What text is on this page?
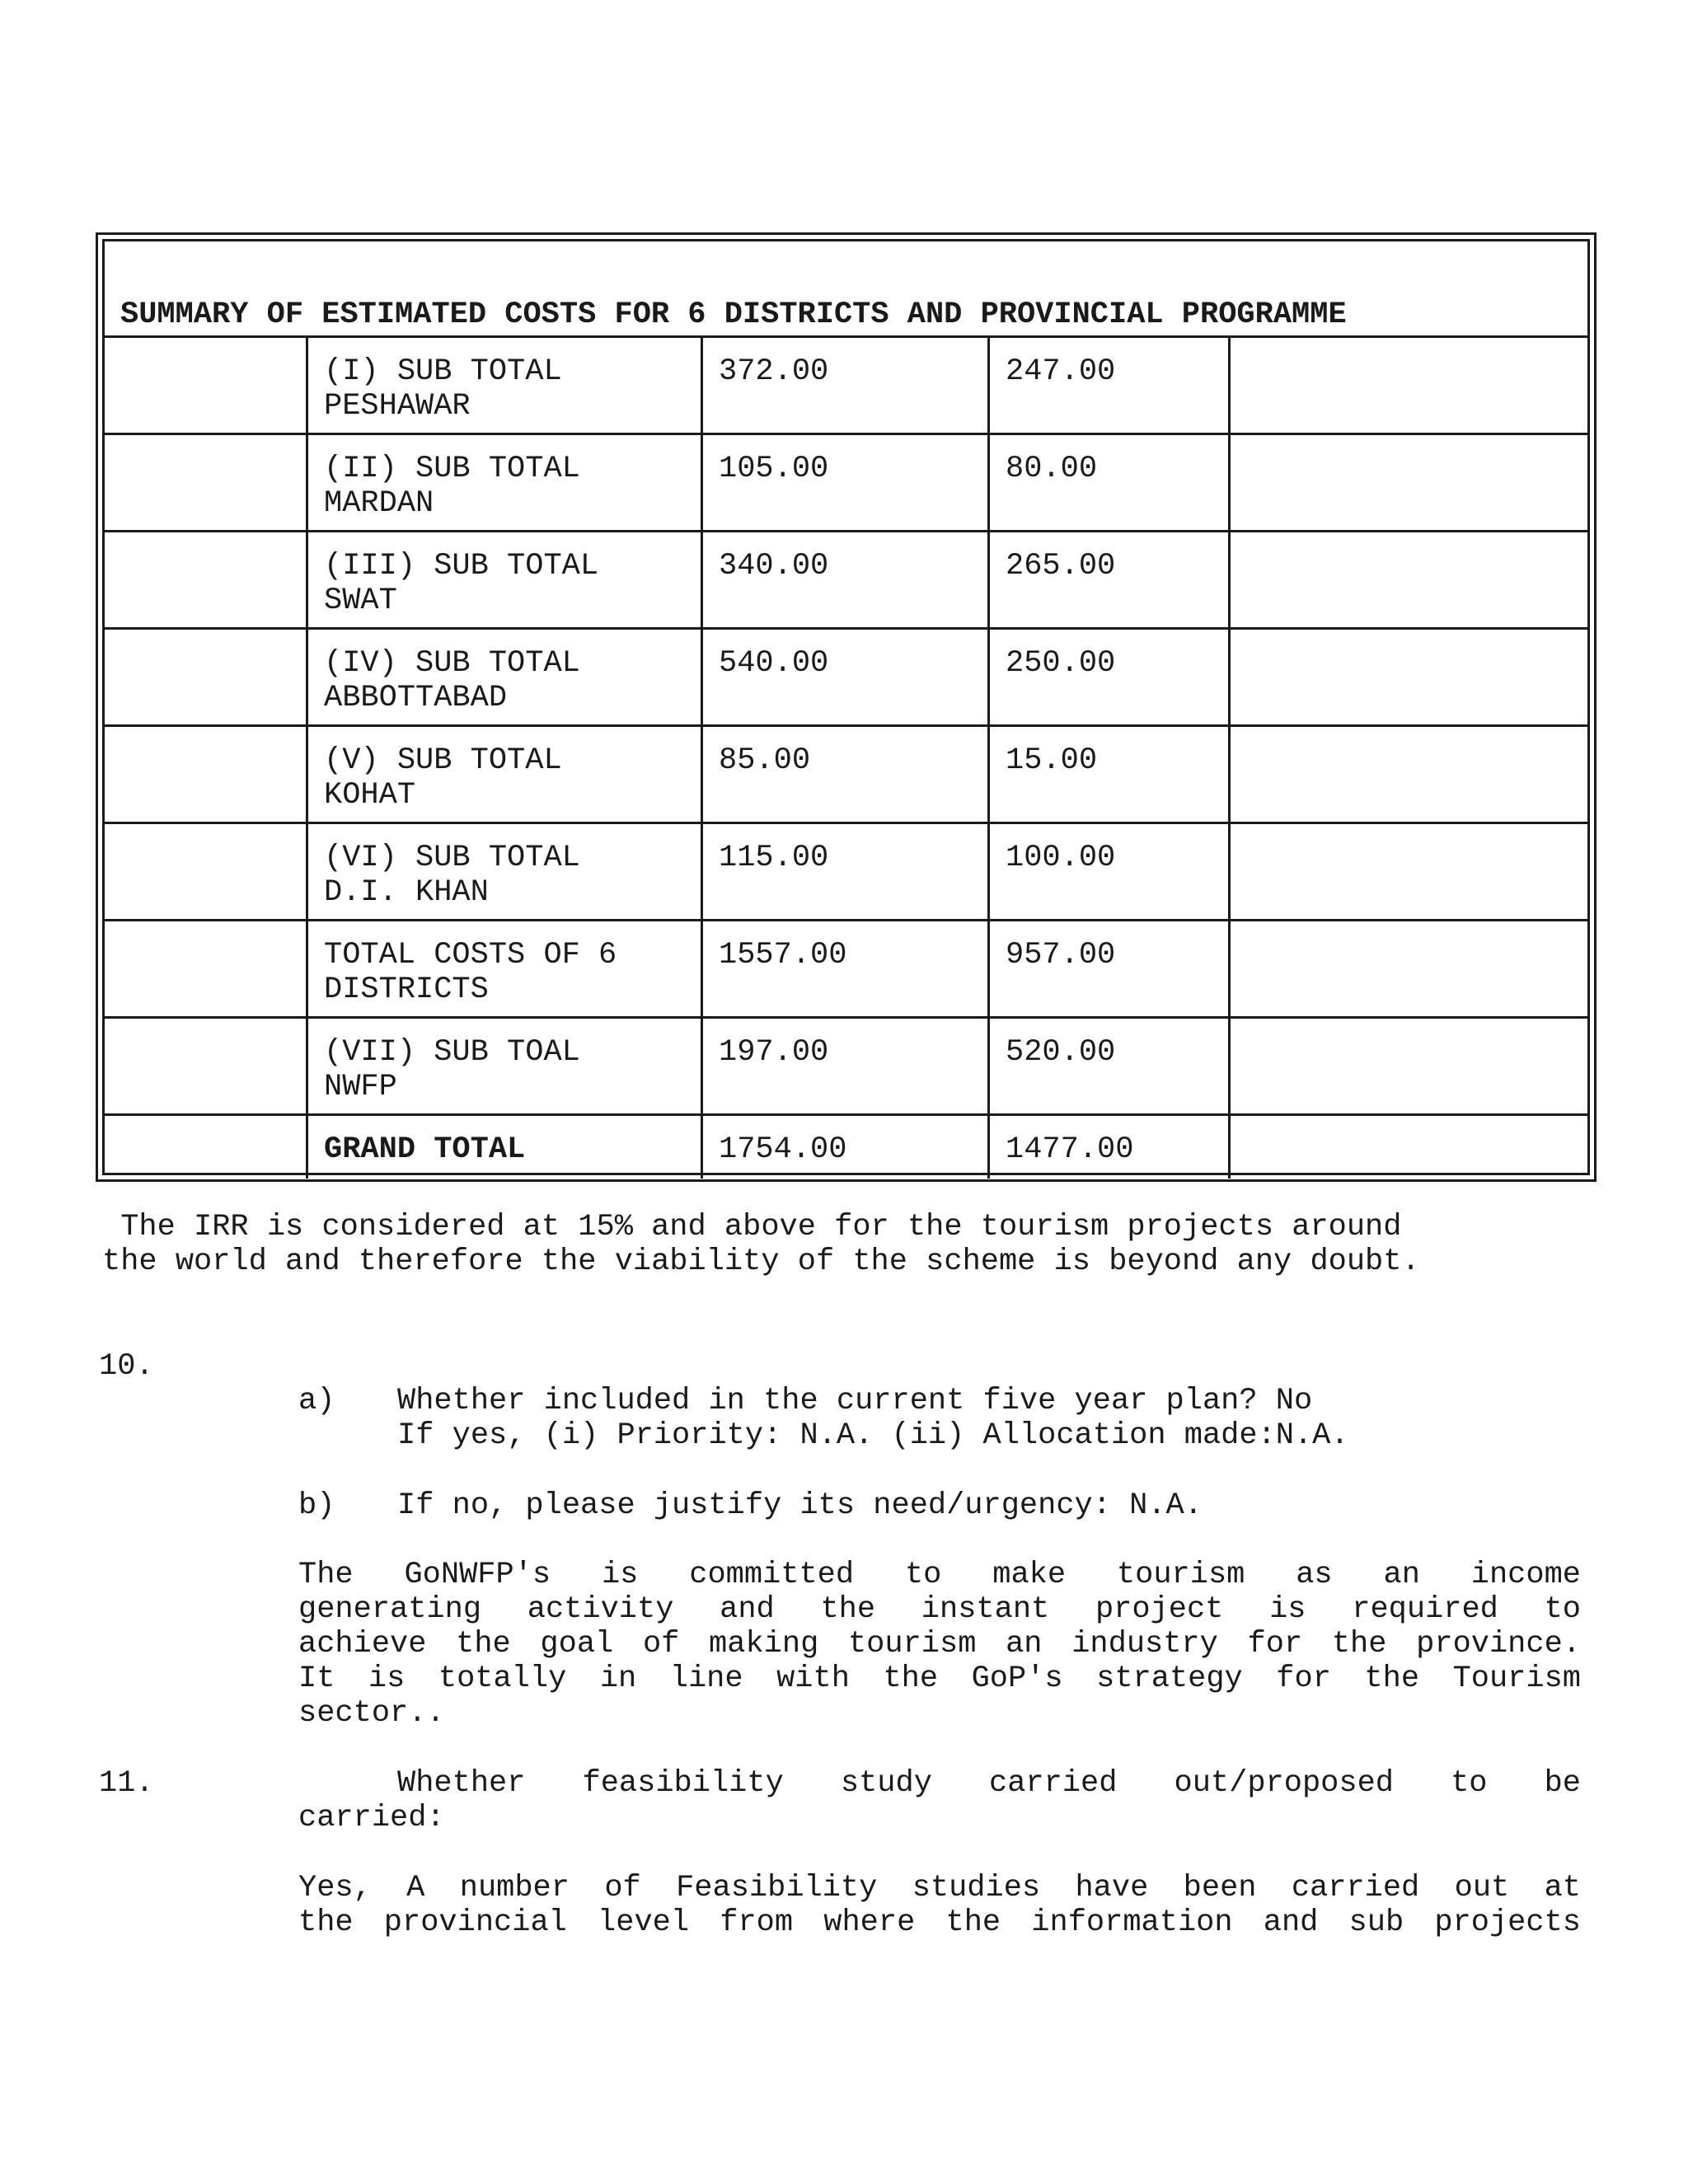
SUMMARY OF ESTIMATED COSTS FOR 6 DISTRICTS AND PROVINCIAL PROGRAMME
(I) SUB TOTAL
PESHAWAR
372.00	247.00
(II) SUB TOTAL
MARDAN
105.00	80.00
(III) SUB TOTAL
SWAT
340.00	265.00
(IV) SUB TOTAL
ABBOTTABAD
540.00	250.00
(V) SUB TOTAL
KOHAT
85.00	15.00
(VI) SUB TOTAL
D.I. KHAN
115.00	100.00
TOTAL COSTS OF 6
DISTRICTS
1557.00	957.00
(VII) SUB TOAL
NWFP
197.00	520.00
GRAND TOTAL	1754.00	1477.00
The IRR is considered at 15% and above for the tourism projects around
the world and therefore the viability of the scheme is beyond any doubt.
10.
a) Whether included in the current five year plan? No
If yes, (i) Priority: N.A. (ii) Allocation made:N.A.
b) If no, please justify its need/urgency: N.A.
The GoNWFP's is committed to make tourism as an income
generating activity and the instant project is required to
achieve the goal of making tourism an industry for the province.
It is totally in line with the GoP's strategy for the Tourism
sector..
11.	Whether feasibility study carried out/proposed to be
carried:
Yes, A number of Feasibility studies have been carried out at
the provincial level from where the information and sub projects
